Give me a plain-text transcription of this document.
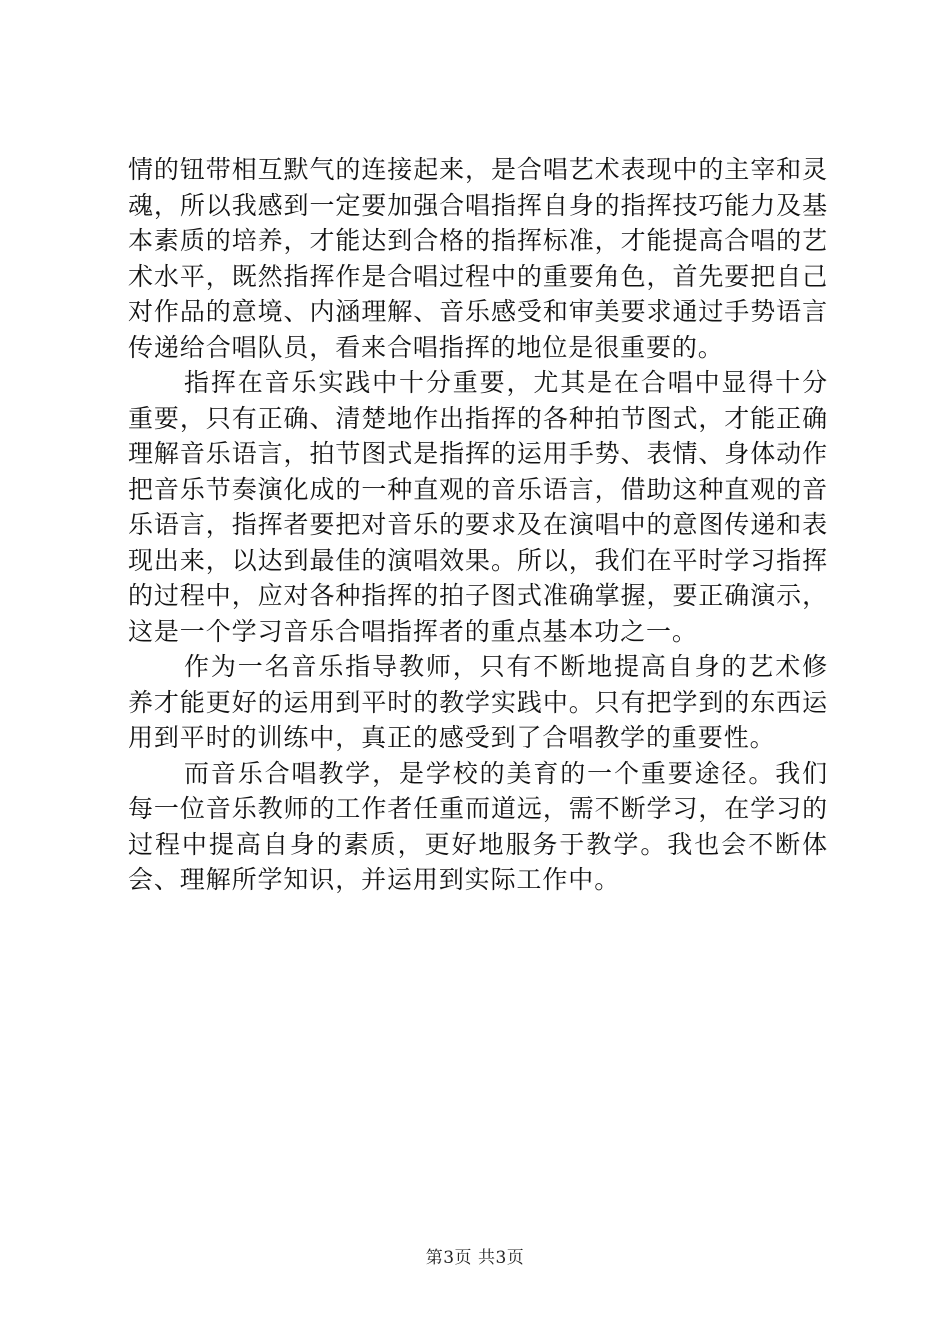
情的钮带相互默气的连接起来，是合唱艺术表现中的主宰和灵魂，所以我感到一定要加强合唱指挥自身的指挥技巧能力及基本素质的培养，才能达到合格的指挥标准，才能提高合唱的艺术水平，既然指挥作是合唱过程中的重要角色，首先要把自己对作品的意境、内涵理解、音乐感受和审美要求通过手势语言传递给合唱队员，看来合唱指挥的地位是很重要的。

指挥在音乐实践中十分重要，尤其是在合唱中显得十分重要，只有正确、清楚地作出指挥的各种拍节图式，才能正确理解音乐语言，拍节图式是指挥的运用手势、表情、身体动作把音乐节奏演化成的一种直观的音乐语言，借助这种直观的音乐语言，指挥者要把对音乐的要求及在演唱中的意图传递和表现出来，以达到最佳的演唱效果。所以，我们在平时学习指挥的过程中，应对各种指挥的拍子图式准确掌握，要正确演示，这是一个学习音乐合唱指挥者的重点基本功之一。

作为一名音乐指导教师，只有不断地提高自身的艺术修养才能更好的运用到平时的教学实践中。只有把学到的东西运用到平时的训练中，真正的感受到了合唱教学的重要性。

而音乐合唱教学，是学校的美育的一个重要途径。我们每一位音乐教师的工作者任重而道远，需不断学习，在学习的过程中提高自身的素质，更好地服务于教学。我也会不断体会、理解所学知识，并运用到实际工作中。

第3页 共3页
